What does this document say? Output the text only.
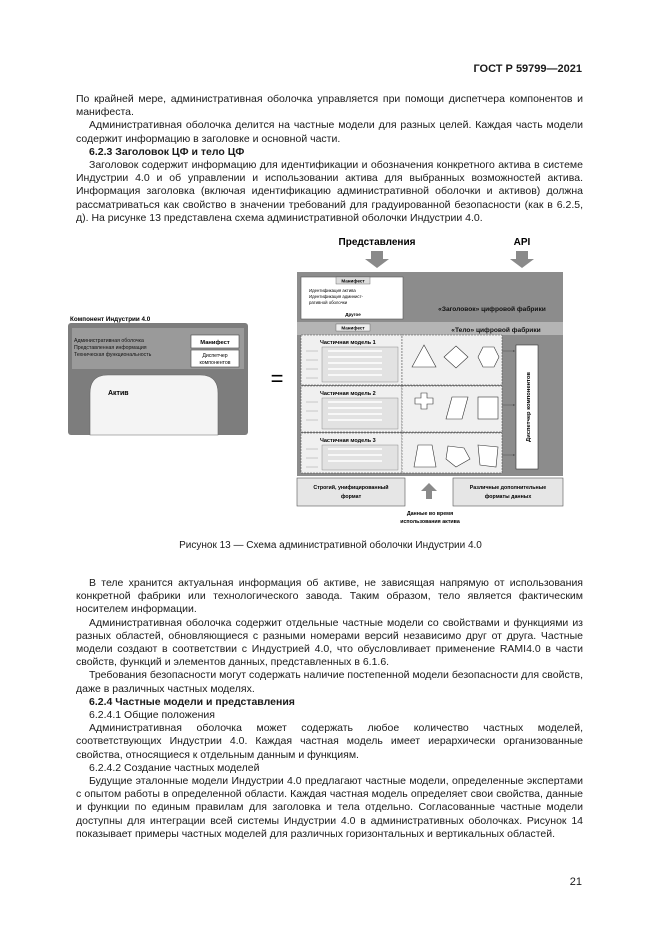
ГОСТ Р 59799—2021

По крайней мере, административная оболочка управляется при помощи диспетчера компонентов и манифеста.

Административная оболочка делится на частные модели для разных целей. Каждая часть модели содержит информацию в заголовке и основной части.

6.2.3 Заголовок ЦФ и тело ЦФ

Заголовок содержит информацию для идентификации и обозначения конкретного актива в системе Индустрии 4.0 и об управлении и использовании актива для выбранных возможностей актива. Информация заголовка (включая идентификацию административной оболочки и активов) должна рассматриваться как свойство в значении требований для градуированной безопасности (как в 6.2.5, д). На рисунке 13 представлена схема административной оболочки Индустрии 4.0.

Представления	API
Компонент Индустрии 4.0
Административная оболочка
Представленная информация
Техническая функциональность
Манифест
Диспетчер
компонентов
Актив
=
Манифест
Идентификация актива
Идентификация админист-
ративной оболочки
Другое
«Заголовок» цифровой фабрики
«Тело» цифровой фабрики
Манифест
Частичная модель 1
Частичная модель 2
Частичная модель 3	Диспетчер компонентов
Строгий, унифицированный
формат
Различные дополнительные
форматы данных
Данные во время
использования актива
Рисунок 13 — Схема административной оболочки Индустрии 4.0

В теле хранится актуальная информация об активе, не зависящая напрямую от использования конкретной фабрики или технологического завода. Таким образом, тело является фактическим носителем информации.

Административная оболочка содержит отдельные частные модели со свойствами и функциями из разных областей, обновляющиеся с разными номерами версий независимо друг от друга. Частные модели создают в соответствии с Индустрией 4.0, что обусловливает применение RAMI4.0 в части свойств, функций и элементов данных, представленных в 6.1.6.

Требования безопасности могут содержать наличие постепенной модели безопасности для свойств, даже в различных частных моделях.

6.2.4 Частные модели и представления

6.2.4.1 Общие положения

Административная оболочка может содержать любое количество частных моделей, соответствующих Индустрии 4.0. Каждая частная модель имеет иерархически организованные свойства, относящиеся к отдельным данным и функциям.

6.2.4.2 Создание частных моделей

Будущие эталонные модели Индустрии 4.0 предлагают частные модели, определенные экспертами с опытом работы в определенной области. Каждая частная модель определяет свои свойства, данные и функции по единым правилам для заголовка и тела отдельно. Согласованные частные модели доступны для интеграции всей системы Индустрии 4.0 в административных оболочках. Рисунок 14 показывает примеры частных моделей для различных горизонтальных и вертикальных областей.

21
